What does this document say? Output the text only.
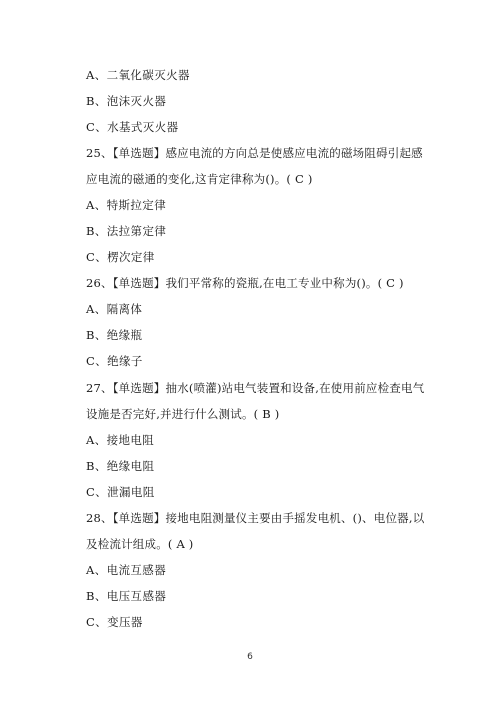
A、二氧化碳灭火器
B、泡沫灭火器
C、水基式灭火器
25、【单选题】感应电流的方向总是使感应电流的磁场阻碍引起感
应电流的磁通的变化,这肯定律称为()。( C )
A、特斯拉定律
B、法拉第定律
C、楞次定律
26、【单选题】我们平常称的瓷瓶,在电工专业中称为()。( C )
A、隔离体
B、绝缘瓶
C、绝缘子
27、【单选题】抽水(喷灌)站电气装置和设备,在使用前应检查电气
设施是否完好,并进行什么测试。( B )
A、接地电阻
B、绝缘电阻
C、泄漏电阻
28、【单选题】接地电阻测量仪主要由手摇发电机、()、电位器,以
及检流计组成。( A )
A、电流互感器
B、电压互感器
C、变压器
6
